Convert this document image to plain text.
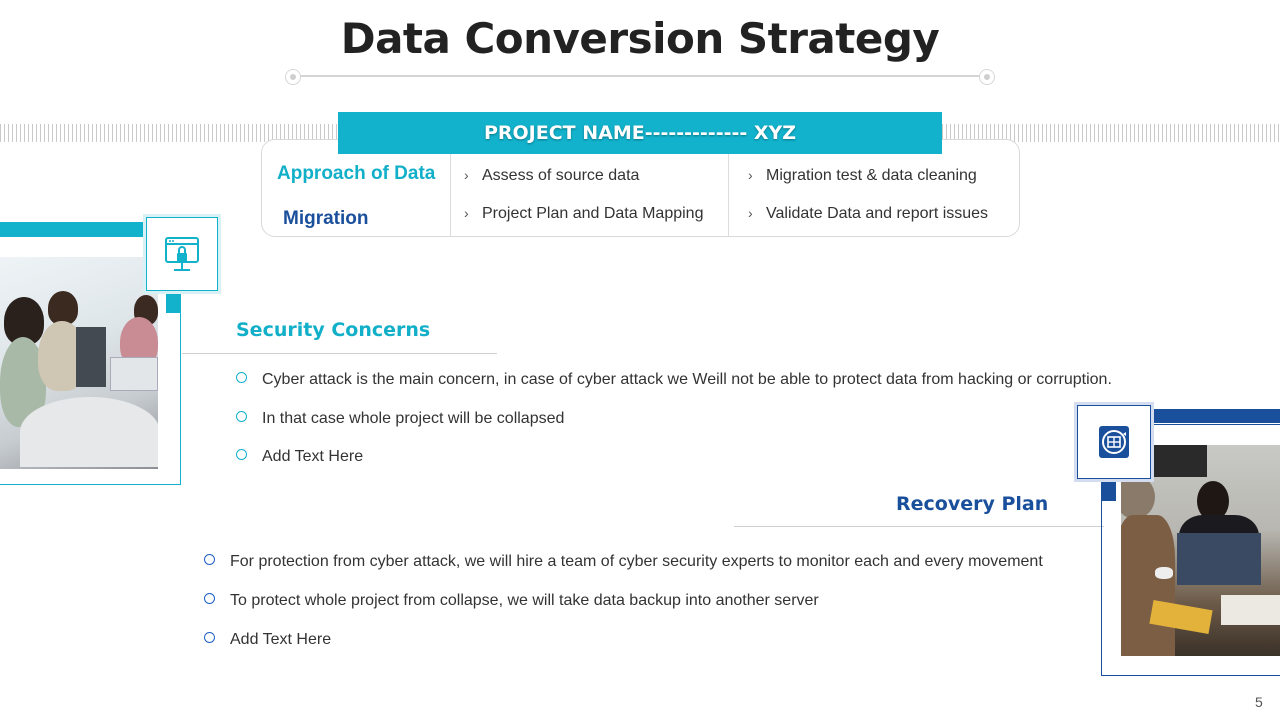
Data Conversion Strategy
PROJECT NAME------------- XYZ
Approach of Data
Migration
› Assess of source data
› Project Plan and Data Mapping
› Migration test & data cleaning
› Validate Data and report issues
Security Concerns
Cyber attack is the main concern, in case of cyber attack we Weill not be able to protect data from hacking or corruption.
In that case whole project will be collapsed
Add Text Here
Recovery Plan
For protection from cyber attack, we will hire a team of cyber security experts to monitor each and every movement
To protect whole project from collapse, we will take data backup into another server
Add Text Here
5
